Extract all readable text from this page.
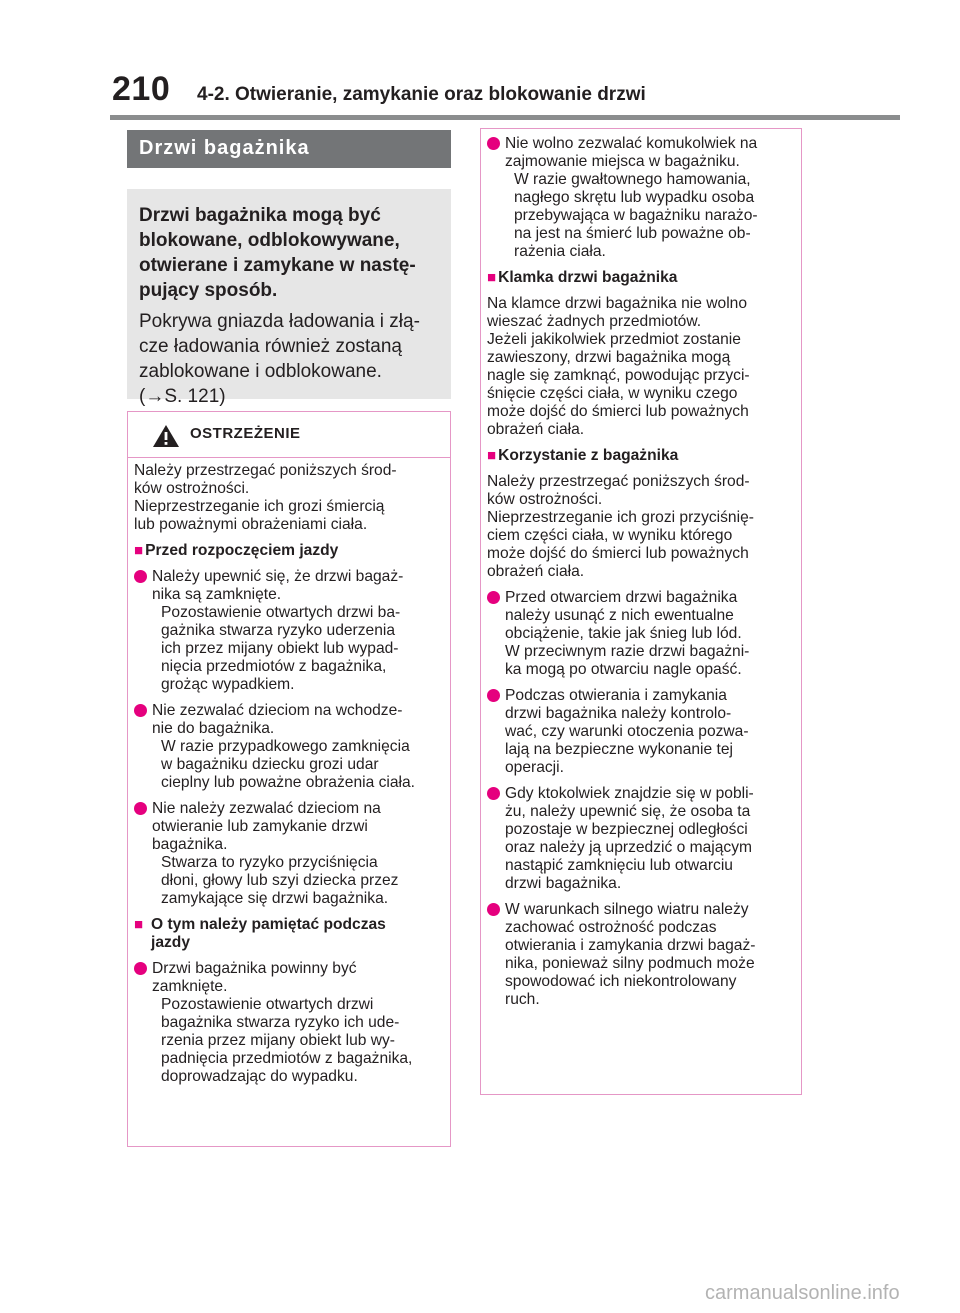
210 4-2. Otwieranie, zamykanie oraz blokowanie drzwi
Drzwi bagażnika
Drzwi bagażnika mogą być
blokowane, odblokowywane,
otwierane i zamykane w nastę-
pujący sposób.
Pokrywa gniazda ładowania i złą-
cze ładowania również zostaną
zablokowane i odblokowane.
(→S. 121)
OSTRZEŻENIE
Należy przestrzegać poniższych środ-
ków ostrożności.
Nieprzestrzeganie ich grozi śmiercią
lub poważnymi obrażeniami ciała.
■ Przed rozpoczęciem jazdy
Należy upewnić się, że drzwi bagaż-
nika są zamknięte.
Pozostawienie otwartych drzwi ba-
gażnika stwarza ryzyko uderzenia
ich przez mijany obiekt lub wypad-
nięcia przedmiotów z bagażnika,
grożąc wypadkiem.
Nie zezwalać dzieciom na wchodze-
nie do bagażnika.
W razie przypadkowego zamknięcia
w bagażniku dziecku grozi udar
cieplny lub poważne obrażenia ciała.
Nie należy zezwalać dzieciom na
otwieranie lub zamykanie drzwi
bagażnika.
Stwarza to ryzyko przyciśnięcia
dłoni, głowy lub szyi dziecka przez
zamykające się drzwi bagażnika.
■ O tym należy pamiętać podczas
jazdy
Drzwi bagażnika powinny być
zamknięte.
Pozostawienie otwartych drzwi
bagażnika stwarza ryzyko ich ude-
rzenia przez mijany obiekt lub wy-
padnięcia przedmiotów z bagażnika,
doprowadzając do wypadku.
Nie wolno zezwalać komukolwiek na
zajmowanie miejsca w bagażniku.
W razie gwałtownego hamowania,
nagłego skrętu lub wypadku osoba
przebywająca w bagażniku narażo-
na jest na śmierć lub poważne ob-
rażenia ciała.
■ Klamka drzwi bagażnika
Na klamce drzwi bagażnika nie wolno
wieszać żadnych przedmiotów.
Jeżeli jakikolwiek przedmiot zostanie
zawieszony, drzwi bagażnika mogą
nagle się zamknąć, powodując przyci-
śnięcie części ciała, w wyniku czego
może dojść do śmierci lub poważnych
obrażeń ciała.
■ Korzystanie z bagażnika
Należy przestrzegać poniższych środ-
ków ostrożności.
Nieprzestrzeganie ich grozi przyciśnię-
ciem części ciała, w wyniku którego
może dojść do śmierci lub poważnych
obrażeń ciała.
Przed otwarciem drzwi bagażnika
należy usunąć z nich ewentualne
obciążenie, takie jak śnieg lub lód.
W przeciwnym razie drzwi bagażni-
ka mogą po otwarciu nagle opaść.
Podczas otwierania i zamykania
drzwi bagażnika należy kontrolo-
wać, czy warunki otoczenia pozwa-
lają na bezpieczne wykonanie tej
operacji.
Gdy ktokolwiek znajdzie się w pobli-
żu, należy upewnić się, że osoba ta
pozostaje w bezpiecznej odległości
oraz należy ją uprzedzić o mającym
nastąpić zamknięciu lub otwarciu
drzwi bagażnika.
W warunkach silnego wiatru należy
zachować ostrożność podczas
otwierania i zamykania drzwi bagaż-
nika, ponieważ silny podmuch może
spowodować ich niekontrolowany
ruch.
carmanualsonline.info
